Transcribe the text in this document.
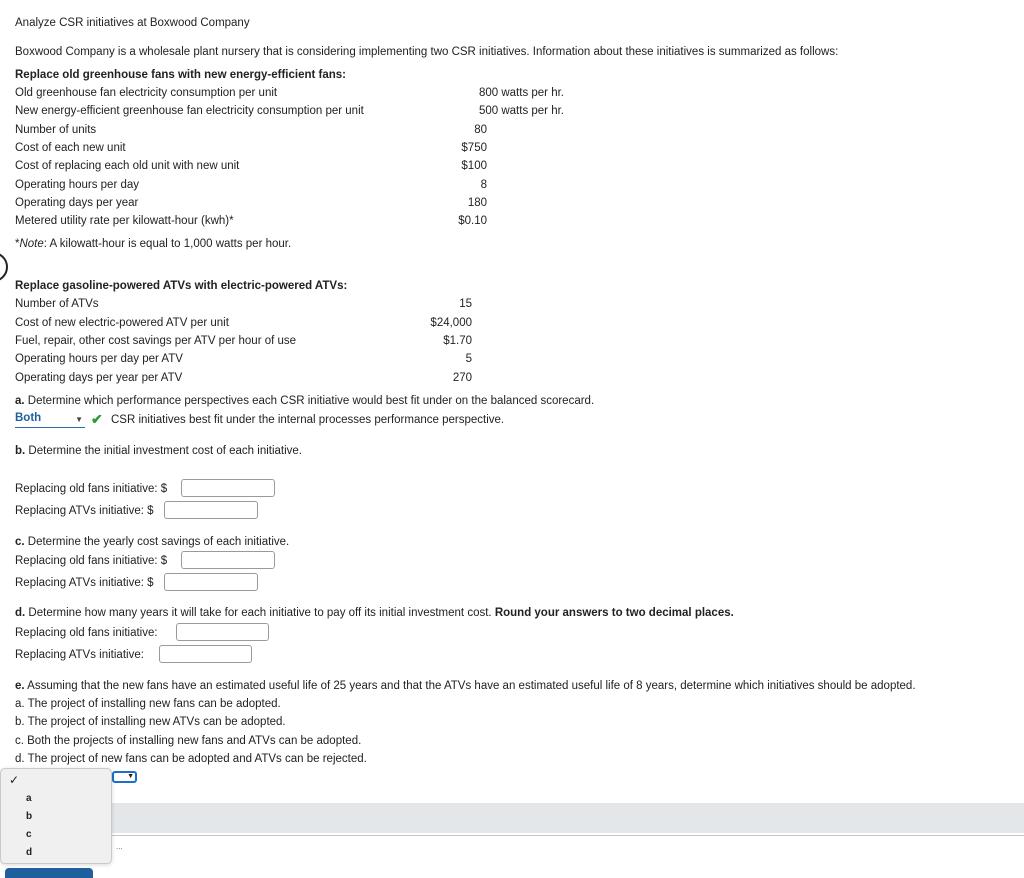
Analyze CSR initiatives at Boxwood Company
Boxwood Company is a wholesale plant nursery that is considering implementing two CSR initiatives. Information about these initiatives is summarized as follows:
Replace old greenhouse fans with new energy-efficient fans:
Old greenhouse fan electricity consumption per unit	800 watts per hr.
New energy-efficient greenhouse fan electricity consumption per unit	500 watts per hr.
Number of units	80
Cost of each new unit	$750
Cost of replacing each old unit with new unit	$100
Operating hours per day	8
Operating days per year	180
Metered utility rate per kilowatt-hour (kwh)*	$0.10
*Note: A kilowatt-hour is equal to 1,000 watts per hour.
Replace gasoline-powered ATVs with electric-powered ATVs:
Number of ATVs	15
Cost of new electric-powered ATV per unit	$24,000
Fuel, repair, other cost savings per ATV per hour of use	$1.70
Operating hours per day per ATV	5
Operating days per year per ATV	270
a. Determine which performance perspectives each CSR initiative would best fit under on the balanced scorecard.
Both	▼ ✔ CSR initiatives best fit under the internal processes performance perspective.
b. Determine the initial investment cost of each initiative.
Replacing old fans initiative: $
Replacing ATVs initiative: $
c. Determine the yearly cost savings of each initiative.
Replacing old fans initiative: $
Replacing ATVs initiative: $
d. Determine how many years it will take for each initiative to pay off its initial investment cost. Round your answers to two decimal places.
Replacing old fans initiative:
Replacing ATVs initiative:
e. Assuming that the new fans have an estimated useful life of 25 years and that the ATVs have an estimated useful life of 8 years, determine which initiatives should be adopted.
a. The project of installing new fans can be adopted.
b. The project of installing new ATVs can be adopted.
c. Both the projects of installing new fans and ATVs can be adopted.
d. The project of new fans can be adopted and ATVs can be rejected.
...
▼
✓
a
b
c
d
